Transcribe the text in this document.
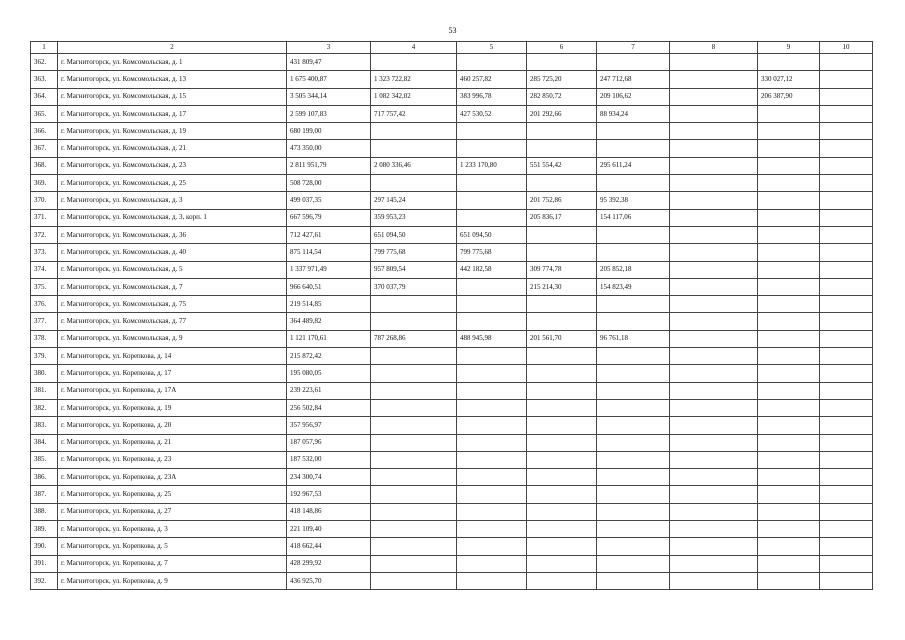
53
1	2	3	4	5	6	7	8	9	10
362.	г. Магнитогорск, ул. Комсомольская, д. 1	431 809,47							
363.	г. Магнитогорск, ул. Комсомольская, д. 13	1 675 400,87	1 323 722,82	460 257,82	285 725,20	247 712,68		330 027,12	
364.	г. Магнитогорск, ул. Комсомольская, д. 15	3 505 344,14	1 082 342,02	383 996,78	282 850,72	209 106,62		206 387,90	
365.	г. Магнитогорск, ул. Комсомольская, д. 17	2 599 107,83	717 757,42	427 530,52	201 292,66	88 934,24			
366.	г. Магнитогорск, ул. Комсомольская, д. 19	680 199,00							
367.	г. Магнитогорск, ул. Комсомольская, д. 21	473 350,00							
368.	г. Магнитогорск, ул. Комсомольская, д. 23	2 811 951,79	2 080 336,46	1 233 170,80	551 554,42	295 611,24			
369.	г. Магнитогорск, ул. Комсомольская, д. 25	508 728,00							
370.	г. Магнитогорск, ул. Комсомольская, д. 3	499 037,35	297 145,24		201 752,86	95 392,38			
371.	г. Магнитогорск, ул. Комсомольская, д. 3, корп. 1	667 596,79	359 953,23		205 836,17	154 117,06			
372.	г. Магнитогорск, ул. Комсомольская, д. 36	712 427,61	651 094,50	651 094,50					
373.	г. Магнитогорск, ул. Комсомольская, д. 40	875 114,54	799 775,68	799 775,68					
374.	г. Магнитогорск, ул. Комсомольская, д. 5	1 337 971,49	957 809,54	442 182,58	309 774,78	205 852,18			
375.	г. Магнитогорск, ул. Комсомольская, д. 7	966 640,51	370 037,79		215 214,30	154 823,49			
376.	г. Магнитогорск, ул. Комсомольская, д. 75	219 514,85							
377.	г. Магнитогорск, ул. Комсомольская, д. 77	364 489,82							
378.	г. Магнитогорск, ул. Комсомольская, д. 9	1 121 170,61	787 268,86	488 945,98	201 561,70	96 761,18			
379.	г. Магнитогорск, ул. Корепкова, д. 14	215 872,42							
380.	г. Магнитогорск, ул. Корепкова, д. 17	195 080,05							
381.	г. Магнитогорск, ул. Корепкова, д. 17А	239 223,61							
382.	г. Магнитогорск, ул. Корепкова, д. 19	256 502,84							
383.	г. Магнитогорск, ул. Корепкова, д. 20	357 956,97							
384.	г. Магнитогорск, ул. Корепкова, д. 21	187 057,96							
385.	г. Магнитогорск, ул. Корепкова, д. 23	187 532,00							
386.	г. Магнитогорск, ул. Корепкова, д. 23А	234 300,74							
387.	г. Магнитогорск, ул. Корепкова, д. 25	192 967,53							
388.	г. Магнитогорск, ул. Корепкова, д. 27	418 148,86							
389.	г. Магнитогорск, ул. Корепкова, д. 3	221 109,40							
390.	г. Магнитогорск, ул. Корепкова, д. 5	418 662,44							
391.	г. Магнитогорск, ул. Корепкова, д. 7	428 299,92							
392.	г. Магнитогорск, ул. Корепкова, д. 9	436 925,70							
